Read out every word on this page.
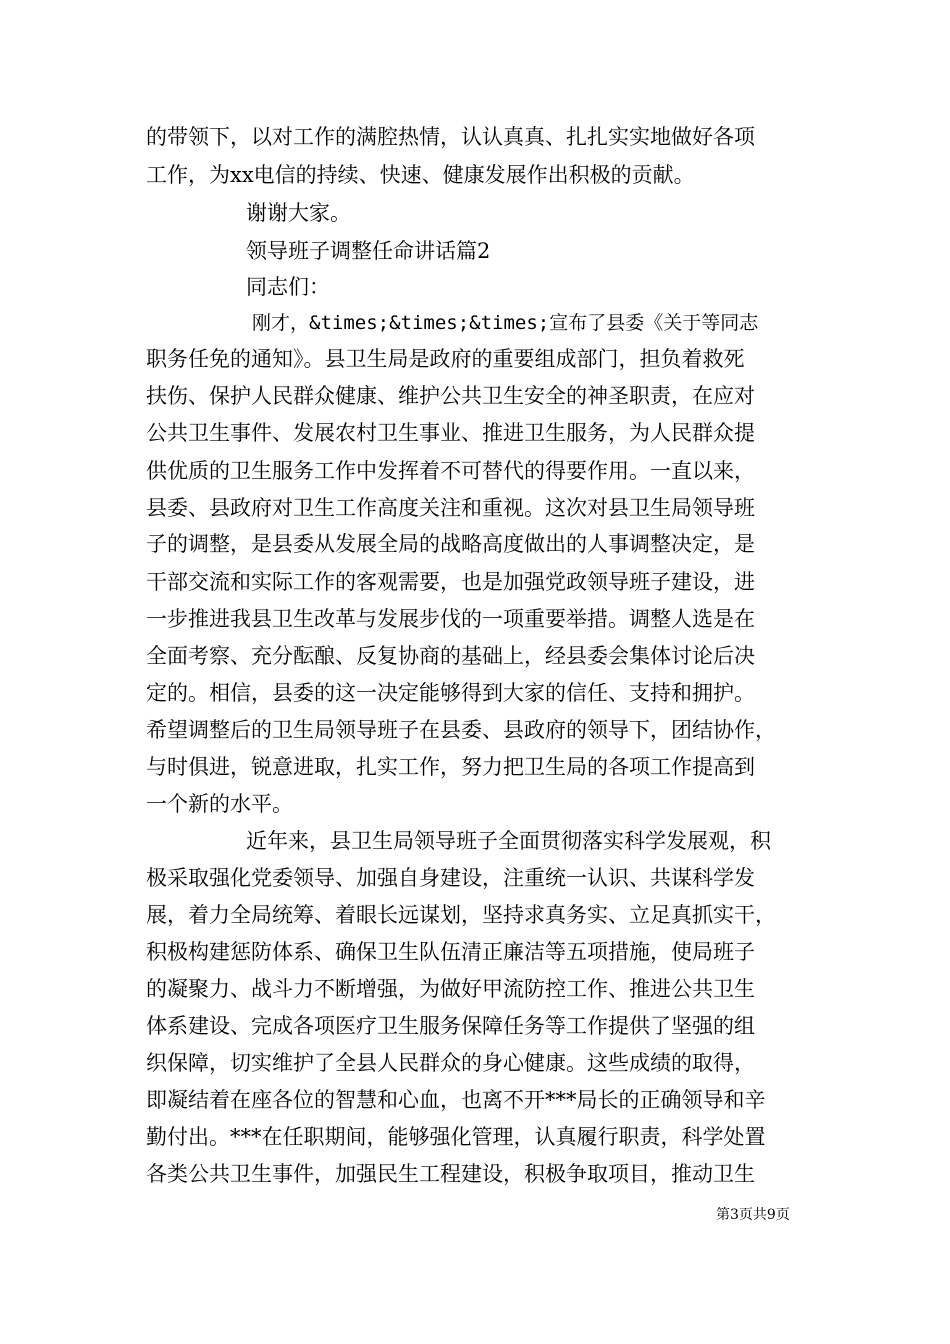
的带领下，以对工作的满腔热情，认认真真、扎扎实实地做好各项

工作，为xx电信的持续、快速、健康发展作出积极的贡献。

谢谢大家。

领导班子调整任命讲话篇2

同志们：

刚才，&times;&times;&times;宣布了县委《关于等同志

职务任免的通知》。县卫生局是政府的重要组成部门，担负着救死

扶伤、保护人民群众健康、维护公共卫生安全的神圣职责，在应对

公共卫生事件、发展农村卫生事业、推进卫生服务，为人民群众提

供优质的卫生服务工作中发挥着不可替代的得要作用。一直以来，

县委、县政府对卫生工作高度关注和重视。这次对县卫生局领导班

子的调整，是县委从发展全局的战略高度做出的人事调整决定，是

干部交流和实际工作的客观需要，也是加强党政领导班子建设，进

一步推进我县卫生改革与发展步伐的一项重要举措。调整人选是在

全面考察、充分酝酿、反复协商的基础上，经县委会集体讨论后决

定的。相信，县委的这一决定能够得到大家的信任、支持和拥护。

希望调整后的卫生局领导班子在县委、县政府的领导下，团结协作，

与时俱进，锐意进取，扎实工作，努力把卫生局的各项工作提高到

一个新的水平。

近年来，县卫生局领导班子全面贯彻落实科学发展观，积

极采取强化党委领导、加强自身建设，注重统一认识、共谋科学发

展，着力全局统筹、着眼长远谋划，坚持求真务实、立足真抓实干，

积极构建惩防体系、确保卫生队伍清正廉洁等五项措施，使局班子

的凝聚力、战斗力不断增强，为做好甲流防控工作、推进公共卫生

体系建设、完成各项医疗卫生服务保障任务等工作提供了坚强的组

织保障，切实维护了全县人民群众的身心健康。这些成绩的取得，

即凝结着在座各位的智慧和心血，也离不开***局长的正确领导和辛

勤付出。***在任职期间，能够强化管理，认真履行职责，科学处置

各类公共卫生事件，加强民生工程建设，积极争取项目，推动卫生

第3页共9页
